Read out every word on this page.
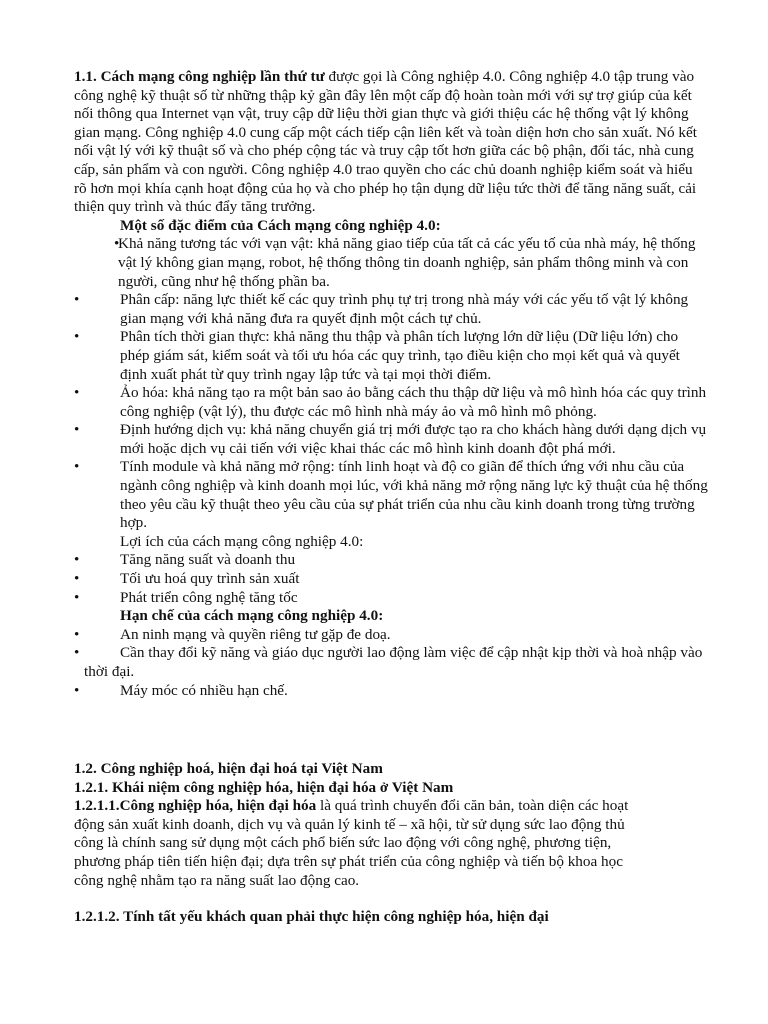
1.1. Cách mạng công nghiệp lần thứ tư được gọi là Công nghiệp 4.0. Công nghiệp 4.0 tập trung vào công nghệ kỹ thuật số từ những thập kỷ gần đây lên một cấp độ hoàn toàn mới với sự trợ giúp của kết nối thông qua Internet vạn vật, truy cập dữ liệu thời gian thực và giới thiệu các hệ thống vật lý không gian mạng. Công nghiệp 4.0 cung cấp một cách tiếp cận liên kết và toàn diện hơn cho sản xuất. Nó kết nối vật lý với kỹ thuật số và cho phép cộng tác và truy cập tốt hơn giữa các bộ phận, đối tác, nhà cung cấp, sản phẩm và con người. Công nghiệp 4.0 trao quyền cho các chủ doanh nghiệp kiểm soát và hiểu rõ hơn mọi khía cạnh hoạt động của họ và cho phép họ tận dụng dữ liệu tức thời để tăng năng suất, cải thiện quy trình và thúc đẩy tăng trưởng.

Một số đặc điểm của Cách mạng công nghiệp 4.0:

•
Khả năng tương tác với vạn vật: khả năng giao tiếp của tất cả các yếu tố của nhà máy, hệ thống vật lý không gian mạng, robot, hệ thống thông tin doanh nghiệp, sản phẩm thông minh và con người, cũng như hệ thống phần ba.
•	Phân cấp: năng lực thiết kế các quy trình phụ tự trị trong nhà máy với các yếu tố vật lý không gian mạng với khả năng đưa ra quyết định một cách tự chủ.
•	Phân tích thời gian thực: khả năng thu thập và phân tích lượng lớn dữ liệu (Dữ liệu lớn) cho phép giám sát, kiểm soát và tối ưu hóa các quy trình, tạo điều kiện cho mọi kết quả và quyết định xuất phát từ quy trình ngay lập tức và tại mọi thời điểm.
•	Ảo hóa: khả năng tạo ra một bản sao ảo bằng cách thu thập dữ liệu và mô hình hóa các quy trình công nghiệp (vật lý), thu được các mô hình nhà máy ảo và mô hình mô phỏng.
•	Định hướng dịch vụ: khả năng chuyển giá trị mới được tạo ra cho khách hàng dưới dạng dịch vụ mới hoặc dịch vụ cải tiến với việc khai thác các mô hình kinh doanh đột phá mới.
•	Tính module và khả năng mở rộng: tính linh hoạt và độ co giãn để thích ứng với nhu cầu của ngành công nghiệp và kinh doanh mọi lúc, với khả năng mở rộng năng lực kỹ thuật của hệ thống theo yêu cầu kỹ thuật theo yêu cầu của sự phát triển của nhu cầu kinh doanh trong từng trường hợp.

Lợi ích của cách mạng công nghiệp 4.0:

•	Tăng năng suất và doanh thu
•	Tối ưu hoá quy trình sản xuất
•	Phát triển công nghệ tăng tốc

Hạn chế của cách mạng công nghiệp 4.0:

•	An ninh mạng và quyền riêng tư gặp đe doạ.
•	Cần thay đổi kỹ năng và giáo dục người lao động làm việc để cập nhật kịp thời và hoà nhập vào thời đại.
•	Máy móc có nhiều hạn chế.

1.2. Công nghiệp hoá, hiện đại hoá tại Việt Nam

1.2.1. Khái niệm công nghiệp hóa, hiện đại hóa ở Việt Nam

1.2.1.1.Công nghiệp hóa, hiện đại hóa là quá trình chuyển đổi căn bản, toàn diện các hoạt động sản xuất kinh doanh, dịch vụ và quản lý kinh tế – xã hội, từ sử dụng sức lao động thủ công là chính sang sử dụng một cách phổ biến sức lao động với công nghệ, phương tiện, phương pháp tiên tiến hiện đại; dựa trên sự phát triển của công nghiệp và tiến bộ khoa học công nghệ nhằm tạo ra năng suất lao động cao.

1.2.1.2. Tính tất yếu khách quan phải thực hiện công nghiệp hóa, hiện đại
